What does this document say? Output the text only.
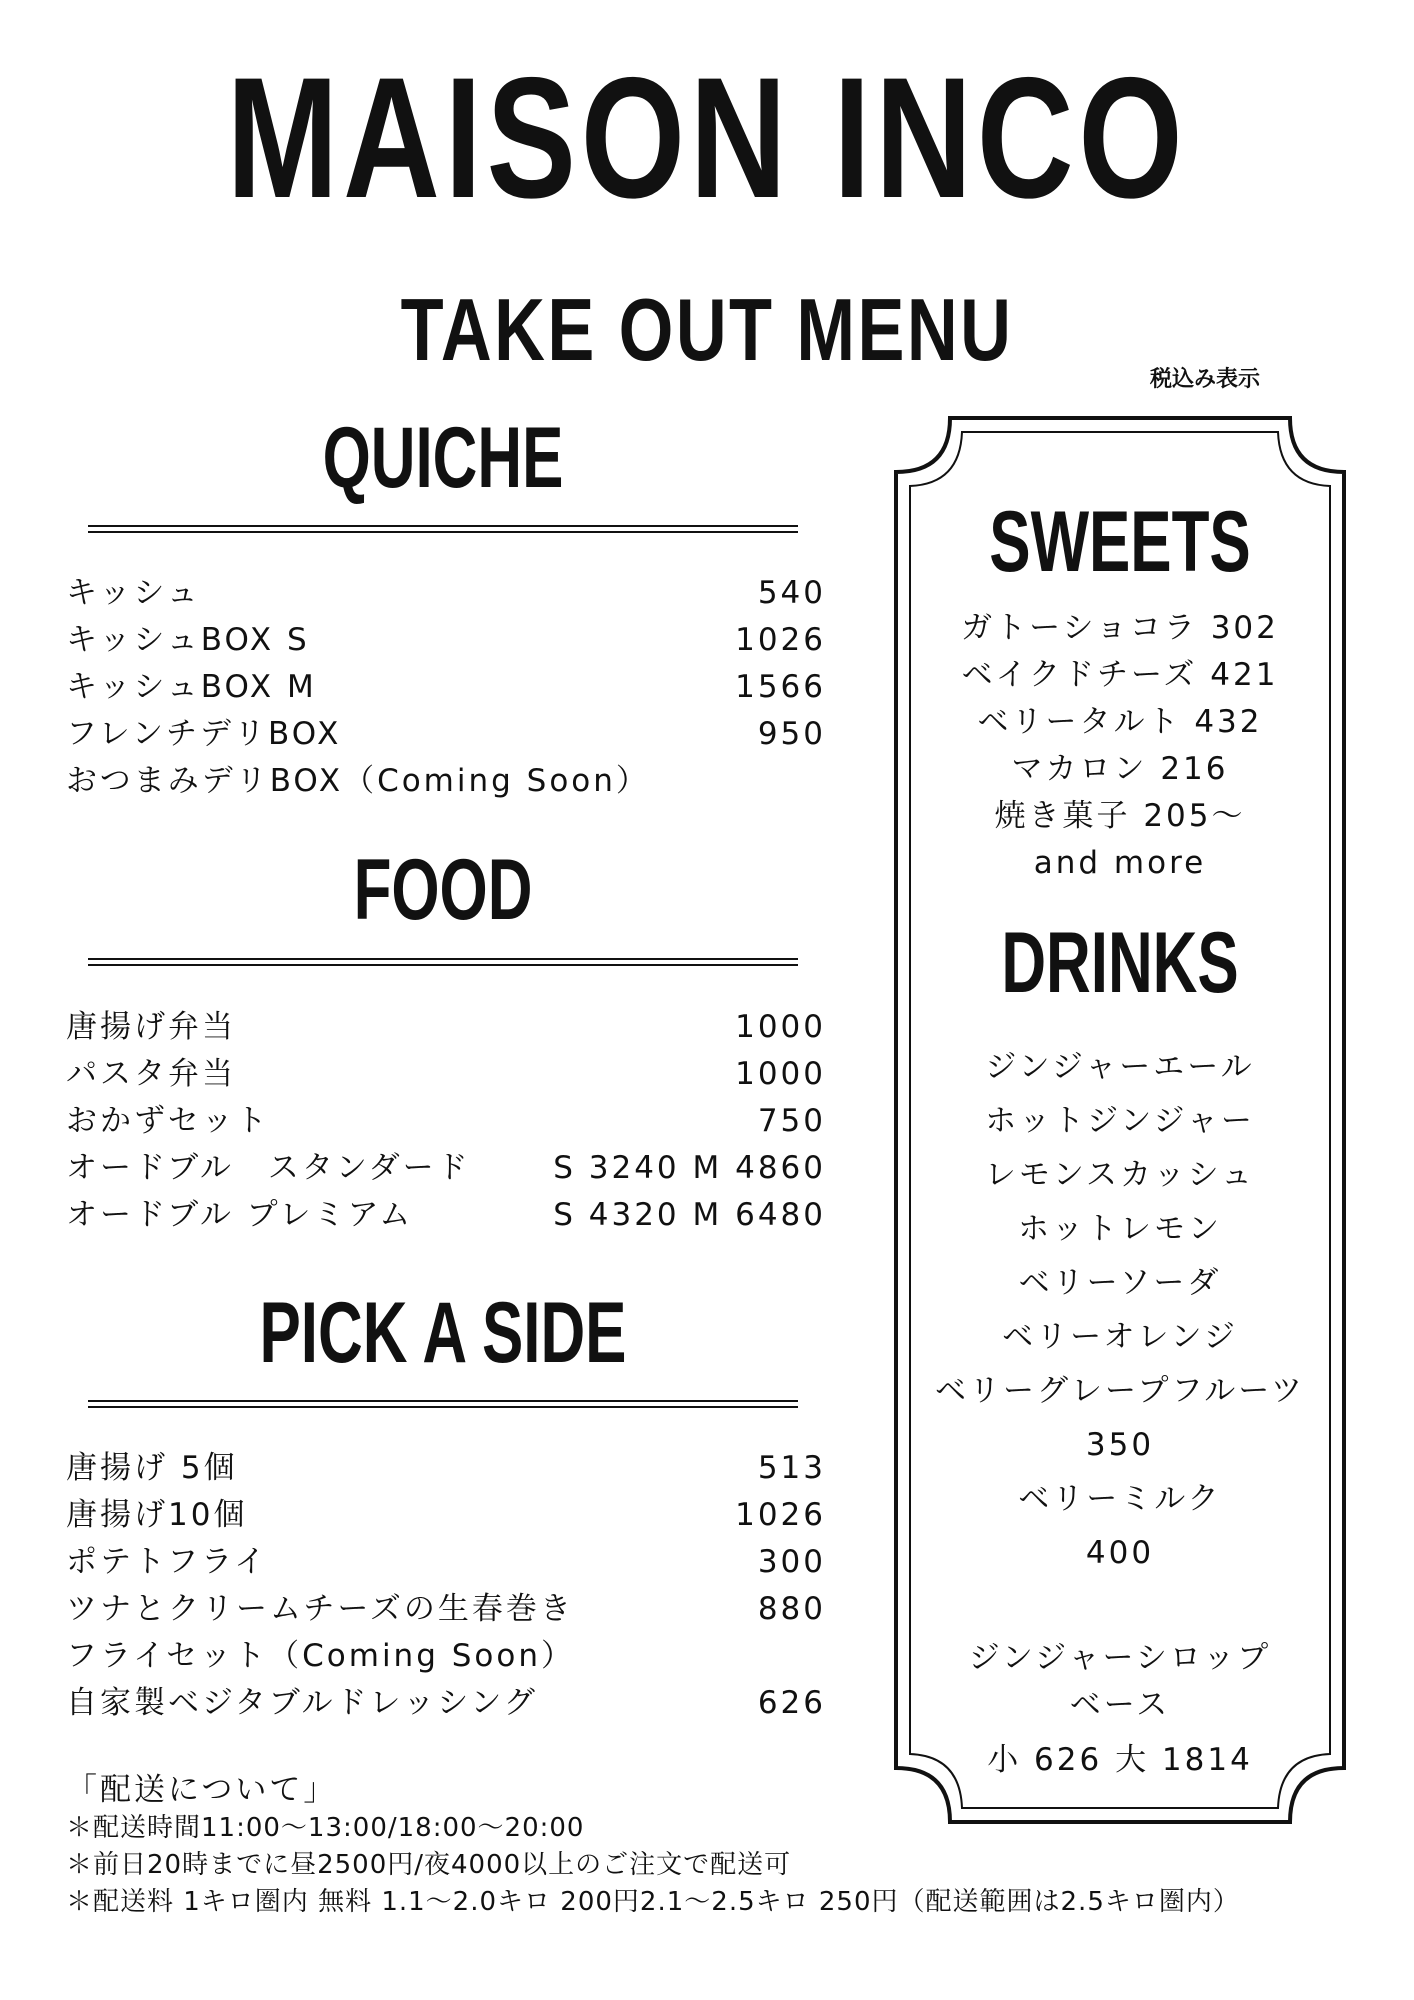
MAISON INCO
TAKE OUT MENU
税込み表示
QUICHE
キッシュ	540
キッシュBOX S	1026
キッシュBOX M	1566
フレンチデリBOX	950
おつまみデリBOX（Coming Soon）
FOOD
唐揚げ弁当	1000
パスタ弁当	1000
おかずセット	750
オードブル　スタンダード	S 3240 M 4860
オードブル プレミアム	S 4320 M 6480
PICK A SIDE
唐揚げ 5個	513
唐揚げ10個	1026
ポテトフライ	300
ツナとクリームチーズの生春巻き	880
フライセット（Coming Soon）
自家製ベジタブルドレッシング	626
SWEETS
ガトーショコラ 302
ベイクドチーズ 421
ベリータルト 432
マカロン 216
焼き菓子 205〜
and more
DRINKS
ジンジャーエール
ホットジンジャー
レモンスカッシュ
ホットレモン
ベリーソーダ
ベリーオレンジ
ベリーグレープフルーツ
350
ベリーミルク
400
ジンジャーシロップ
ベース
小 626 大 1814
「配送について」
＊配送時間11:00〜13:00/18:00〜20:00
＊前日20時までに昼2500円/夜4000以上のご注文で配送可
＊配送料 1キロ圏内 無料 1.1〜2.0キロ 200円2.1〜2.5キロ 250円（配送範囲は2.5キロ圏内）
